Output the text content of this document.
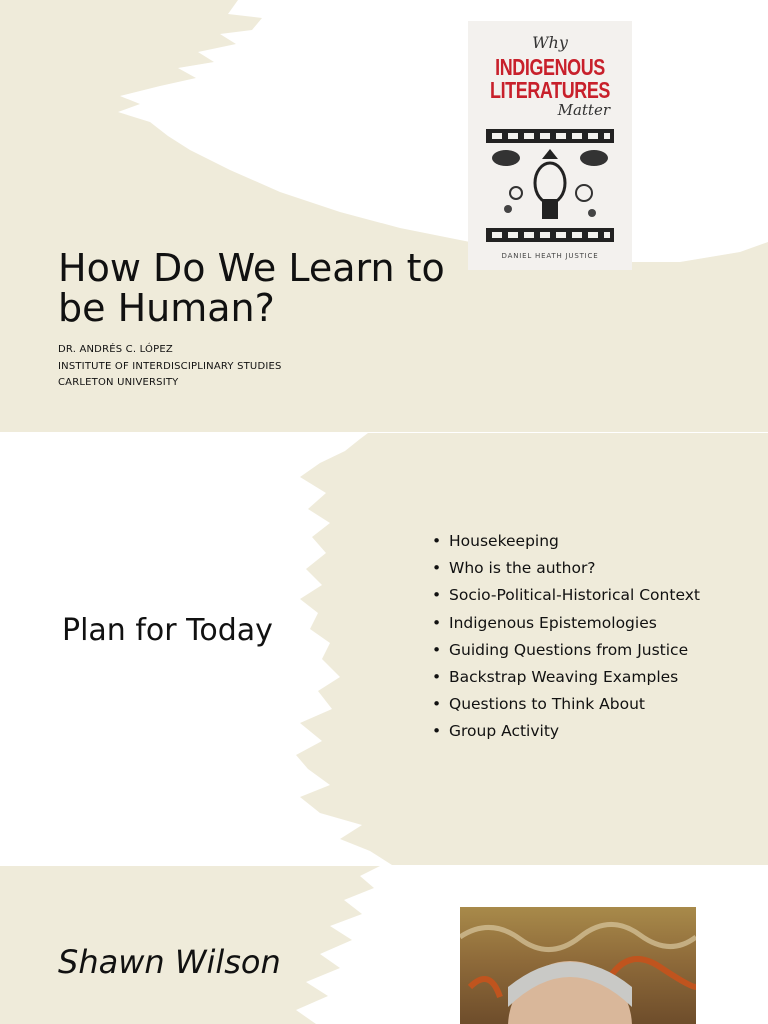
How Do We Learn to be Human?
DR. ANDRÉS C. LÓPEZ
INSTITUTE OF INTERDISCIPLINARY STUDIES
CARLETON UNIVERSITY
Why
INDIGENOUS
LITERATURES
Matter
DANIEL HEATH JUSTICE
Plan for Today
• Housekeeping
• Who is the author?
• Socio-Political-Historical Context
• Indigenous Epistemologies
• Guiding Questions from Justice
• Backstrap Weaving Examples
• Questions to Think About
• Group Activity
Shawn Wilson
